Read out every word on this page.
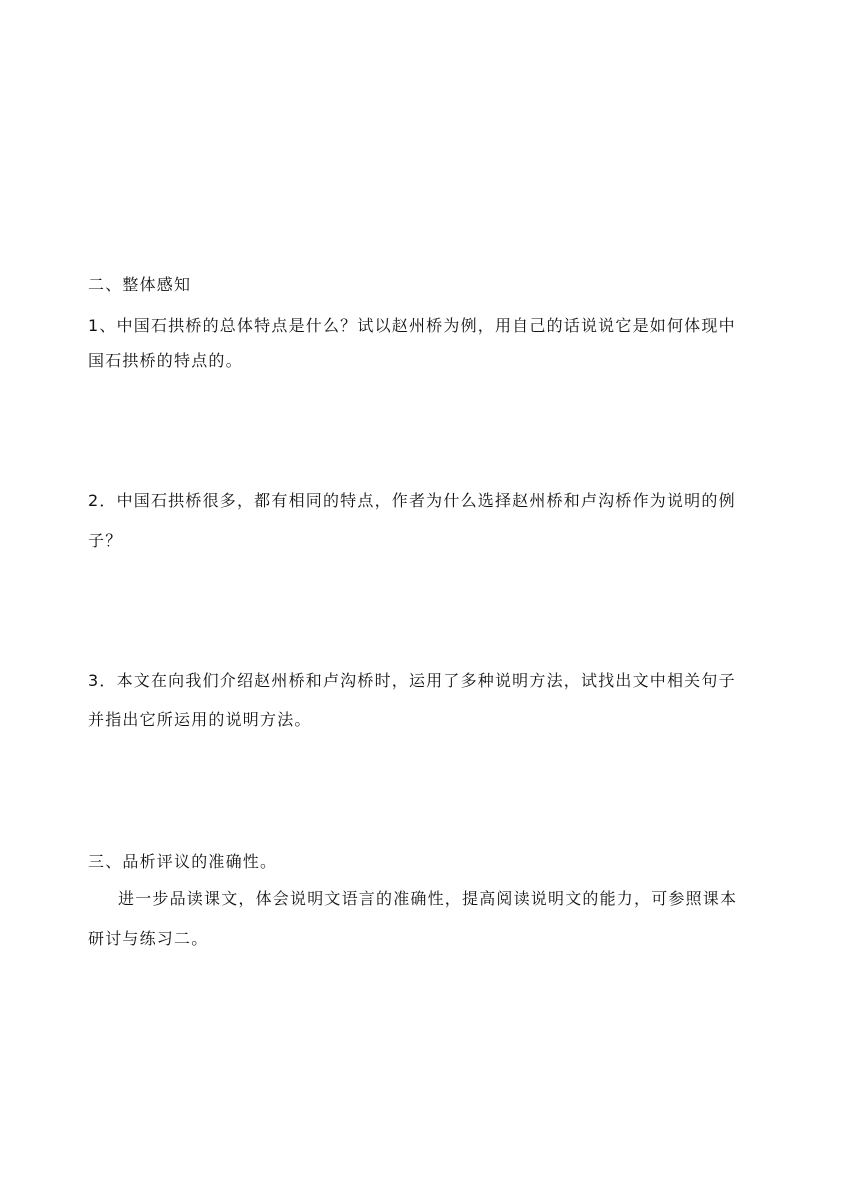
二、整体感知
1、中国石拱桥的总体特点是什么？试以赵州桥为例，用自己的话说说它是如何体现中
国石拱桥的特点的。
2．中国石拱桥很多，都有相同的特点，作者为什么选择赵州桥和卢沟桥作为说明的例
子？
3．本文在向我们介绍赵州桥和卢沟桥时，运用了多种说明方法，试找出文中相关句子
并指出它所运用的说明方法。
三、品析评议的准确性。
进一步品读课文，体会说明文语言的准确性，提高阅读说明文的能力，可参照课本
研讨与练习二。
